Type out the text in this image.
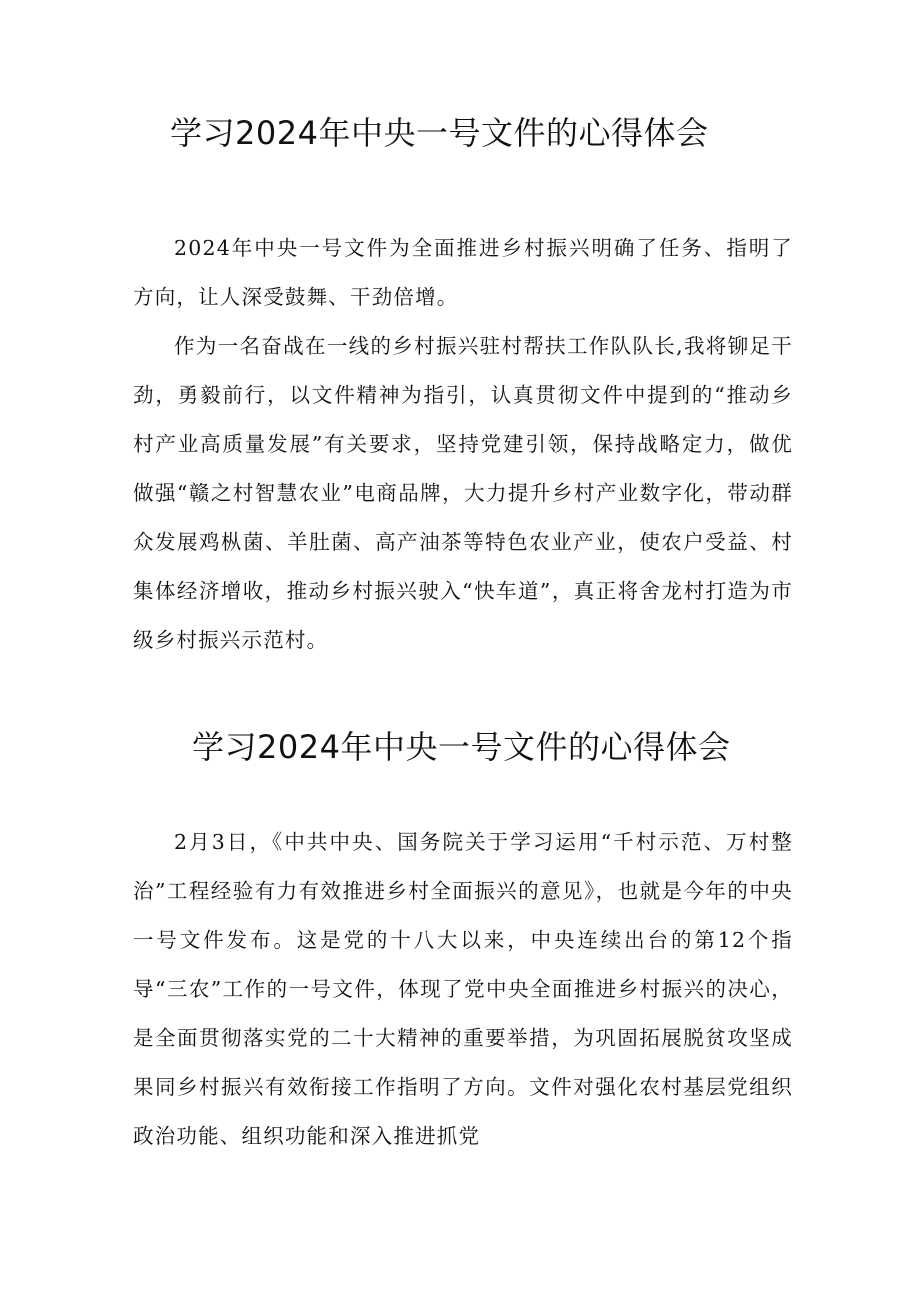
学习2024年中央一号文件的心得体会

2024年中央一号文件为全面推进乡村振兴明确了任务、指明了方向，让人深受鼓舞、干劲倍增。

作为一名奋战在一线的乡村振兴驻村帮扶工作队队长,我将铆足干劲，勇毅前行，以文件精神为指引，认真贯彻文件中提到的“推动乡村产业高质量发展”有关要求，坚持党建引领，保持战略定力，做优做强“赣之村智慧农业”电商品牌，大力提升乡村产业数字化，带动群众发展鸡枞菌、羊肚菌、高产油茶等特色农业产业，使农户受益、村集体经济增收，推动乡村振兴驶入“快车道”，真正将舍龙村打造为市级乡村振兴示范村。

学习2024年中央一号文件的心得体会

2月3日，《中共中央、国务院关于学习运用“千村示范、万村整治”工程经验有力有效推进乡村全面振兴的意见》，也就是今年的中央一号文件发布。这是党的十八大以来，中央连续出台的第12个指导“三农”工作的一号文件，体现了党中央全面推进乡村振兴的决心，是全面贯彻落实党的二十大精神的重要举措，为巩固拓展脱贫攻坚成果同乡村振兴有效衔接工作指明了方向。文件对强化农村基层党组织政治功能、组织功能和深入推进抓党
